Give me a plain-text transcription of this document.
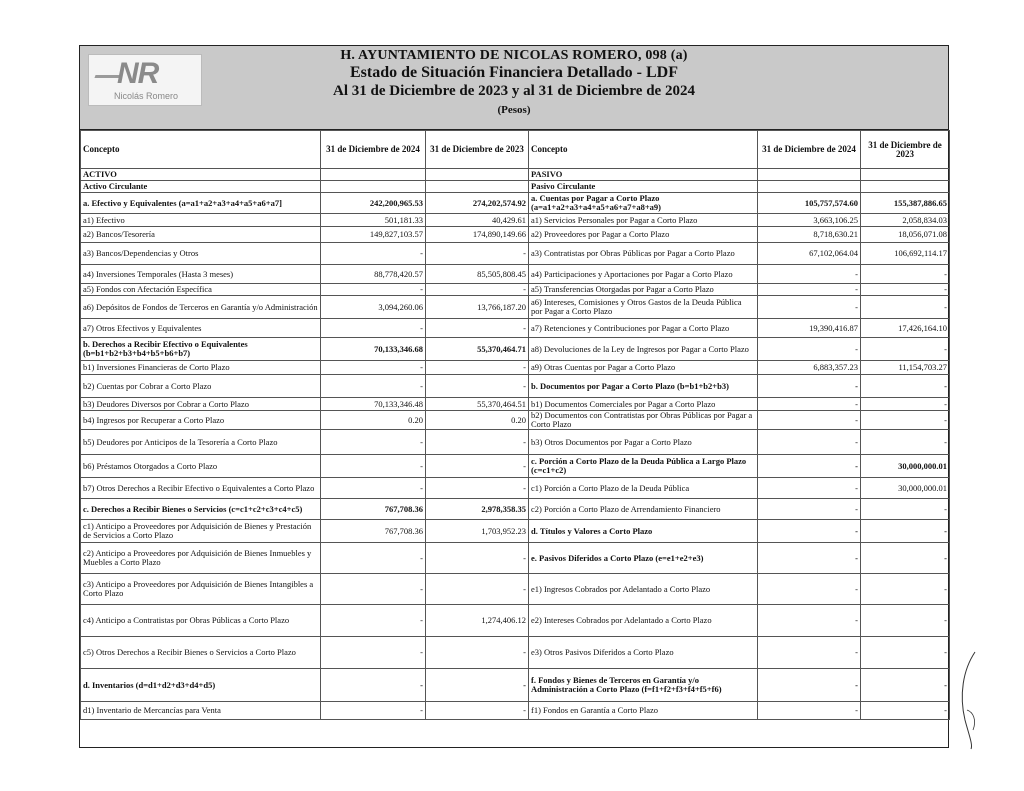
NR
Nicolás Romero
H. AYUNTAMIENTO DE NICOLAS ROMERO, 098 (a)
Estado de Situación Financiera Detallado - LDF
Al 31 de Diciembre de 2023 y al 31 de Diciembre de 2024
(Pesos)
Concepto	31 de Diciembre de 2024	31 de Diciembre de 2023	Concepto	31 de Diciembre de 2024	31 de Diciembre de 2023
ACTIVO			PASIVO		
Activo Circulante			Pasivo Circulante		
a. Efectivo y Equivalentes (a=a1+a2+a3+a4+a5+a6+a7]	242,200,965.53	274,202,574.92	a. Cuentas por Pagar a Corto Plazo (a=a1+a2+a3+a4+a5+a6+a7+a8+a9)	105,757,574.60	155,387,886.65
a1) Efectivo	501,181.33	40,429.61	a1) Servicios Personales por Pagar a Corto Plazo	3,663,106.25	2,058,834.03
a2) Bancos/Tesorería	149,827,103.57	174,890,149.66	a2) Proveedores por Pagar a Corto Plazo	8,718,630.21	18,056,071.08
a3) Bancos/Dependencias y Otros	-	-	a3) Contratistas por Obras Públicas por Pagar a Corto Plazo	67,102,064.04	106,692,114.17
a4) Inversiones Temporales (Hasta 3 meses)	88,778,420.57	85,505,808.45	a4) Participaciones y Aportaciones por Pagar a Corto Plazo	-	-
a5) Fondos con Afectación Específica	-	-	a5) Transferencias Otorgadas por Pagar a Corto Plazo	-	-
a6) Depósitos de Fondos de Terceros en Garantía y/o Administración	3,094,260.06	13,766,187.20	a6) Intereses, Comisiones y Otros Gastos de la Deuda Pública por Pagar a Corto Plazo	-	-
a7) Otros Efectivos y Equivalentes	-	-	a7) Retenciones y Contribuciones por Pagar a Corto Plazo	19,390,416.87	17,426,164.10
b. Derechos a Recibir Efectivo o Equivalentes (b=b1+b2+b3+b4+b5+b6+b7)	70,133,346.68	55,370,464.71	a8) Devoluciones de la Ley de Ingresos por Pagar a Corto Plazo	-	-
b1) Inversiones Financieras de Corto Plazo	-	-	a9) Otras Cuentas por Pagar a Corto Plazo	6,883,357.23	11,154,703.27
b2) Cuentas por Cobrar a Corto Plazo	-	-	b. Documentos por Pagar a Corto Plazo (b=b1+b2+b3)	-	-
b3) Deudores Diversos por Cobrar a Corto Plazo	70,133,346.48	55,370,464.51	b1) Documentos Comerciales por Pagar a Corto Plazo	-	-
b4) Ingresos por Recuperar a Corto Plazo	0.20	0.20	b2) Documentos con Contratistas por Obras Públicas por Pagar a Corto Plazo	-	-
b5) Deudores por Anticipos de la Tesorería a Corto Plazo	-	-	b3) Otros Documentos por Pagar a Corto Plazo	-	-
b6) Préstamos Otorgados a Corto Plazo	-	-	c. Porción a Corto Plazo de la Deuda Pública a Largo Plazo (c=c1+c2)	-	30,000,000.01
b7) Otros Derechos a Recibir Efectivo o Equivalentes a Corto Plazo	-	-	c1) Porción a Corto Plazo de la Deuda Pública	-	30,000,000.01
c. Derechos a Recibir Bienes o Servicios (c=c1+c2+c3+c4+c5)	767,708.36	2,978,358.35	c2) Porción a Corto Plazo de Arrendamiento Financiero	-	-
c1) Anticipo a Proveedores por Adquisición de Bienes y Prestación de Servicios a Corto Plazo	767,708.36	1,703,952.23	d. Títulos y Valores a Corto Plazo	-	-
c2) Anticipo a Proveedores por Adquisición de Bienes Inmuebles y Muebles a Corto Plazo	-	-	e. Pasivos Diferidos a Corto Plazo (e=e1+e2+e3)	-	-
c3) Anticipo a Proveedores por Adquisición de Bienes Intangibles a Corto Plazo	-	-	e1) Ingresos Cobrados por Adelantado a Corto Plazo	-	-
c4) Anticipo a Contratistas por Obras Públicas a Corto Plazo	-	1,274,406.12	e2) Intereses Cobrados por Adelantado a Corto Plazo	-	-
c5) Otros Derechos a Recibir Bienes o Servicios a Corto Plazo	-	-	e3) Otros Pasivos Diferidos a Corto Plazo	-	-
d. Inventarios (d=d1+d2+d3+d4+d5)	-	-	f. Fondos y Bienes de Terceros en Garantía y/o Administración a Corto Plazo (f=f1+f2+f3+f4+f5+f6)	-	-
d1) Inventario de Mercancías para Venta	-	-	f1) Fondos en Garantía a Corto Plazo	-	-
